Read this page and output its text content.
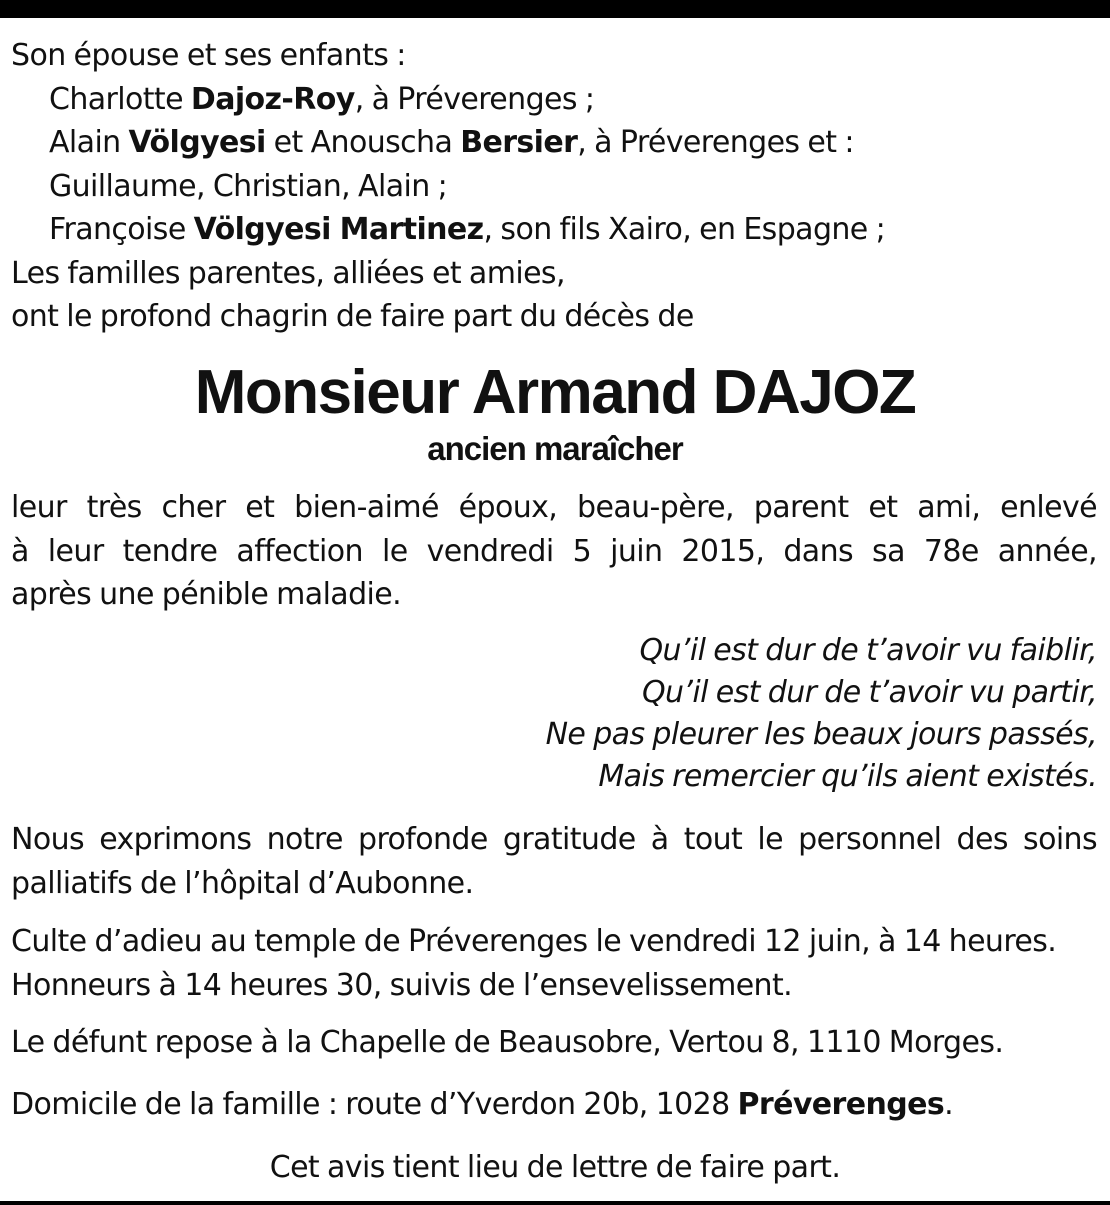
Son épouse et ses enfants :
Charlotte Dajoz-Roy, à Préverenges ;
Alain Völgyesi et Anouscha Bersier, à Préverenges et :
Guillaume, Christian, Alain ;
Françoise Völgyesi Martinez, son fils Xairo, en Espagne ;
Les familles parentes, alliées et amies,
ont le profond chagrin de faire part du décès de
Monsieur Armand DAJOZ
ancien maraîcher
leur très cher et bien-aimé époux, beau-père, parent et ami, enlevé
à leur tendre affection le vendredi 5 juin 2015, dans sa 78e année,
après une pénible maladie.
Qu’il est dur de t’avoir vu faiblir,
Qu’il est dur de t’avoir vu partir,
Ne pas pleurer les beaux jours passés,
Mais remercier qu’ils aient existés.
Nous exprimons notre profonde gratitude à tout le personnel des soins
palliatifs de l’hôpital d’Aubonne.
Culte d’adieu au temple de Préverenges le vendredi 12 juin, à 14 heures.
Honneurs à 14 heures 30, suivis de l’ensevelissement.
Le défunt repose à la Chapelle de Beausobre, Vertou 8, 1110 Morges.
Domicile de la famille : route d’Yverdon 20b, 1028 Préverenges.
Cet avis tient lieu de lettre de faire part.
